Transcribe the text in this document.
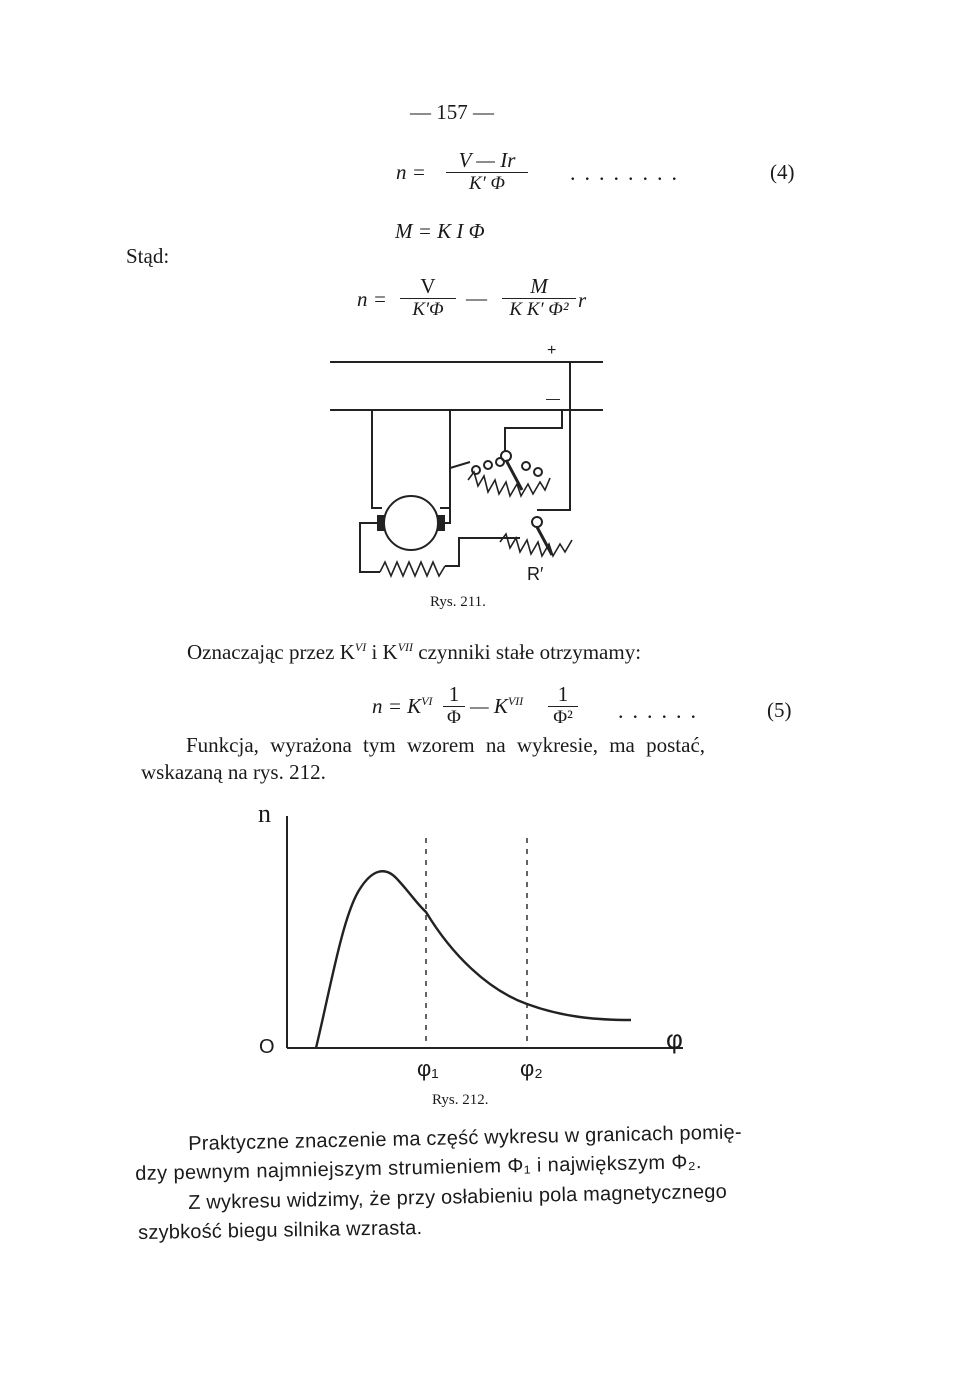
— 157 —
n =	V — Ir
K′ Φ	........	(4)
Stąd:
M = K I Φ
n =
V
K′Φ	—	M
K K′ Φ² r
+
—
R′
Rys. 211.
Oznaczając przez $K^{VI}$ i $K^{VII}$ czynniki stałe otrzymamy:
$n = K^{VI}$ 1
Φ — $K^{VII}$	1
Φ² ......	(5)
Funkcja, wyrażona tym wzorem na wykresie, ma postać,
wskazaną na rys. 212.
n
O	φ
φ₁	φ₂
Rys. 212.
Praktyczne znaczenie ma część wykresu w granicach pomię-
dzy pewnym najmniejszym strumieniem Φ₁ i największym Φ₂.
Z wykresu widzimy, że przy osłabieniu pola magnetycznego
szybkość biegu silnika wzrasta.
